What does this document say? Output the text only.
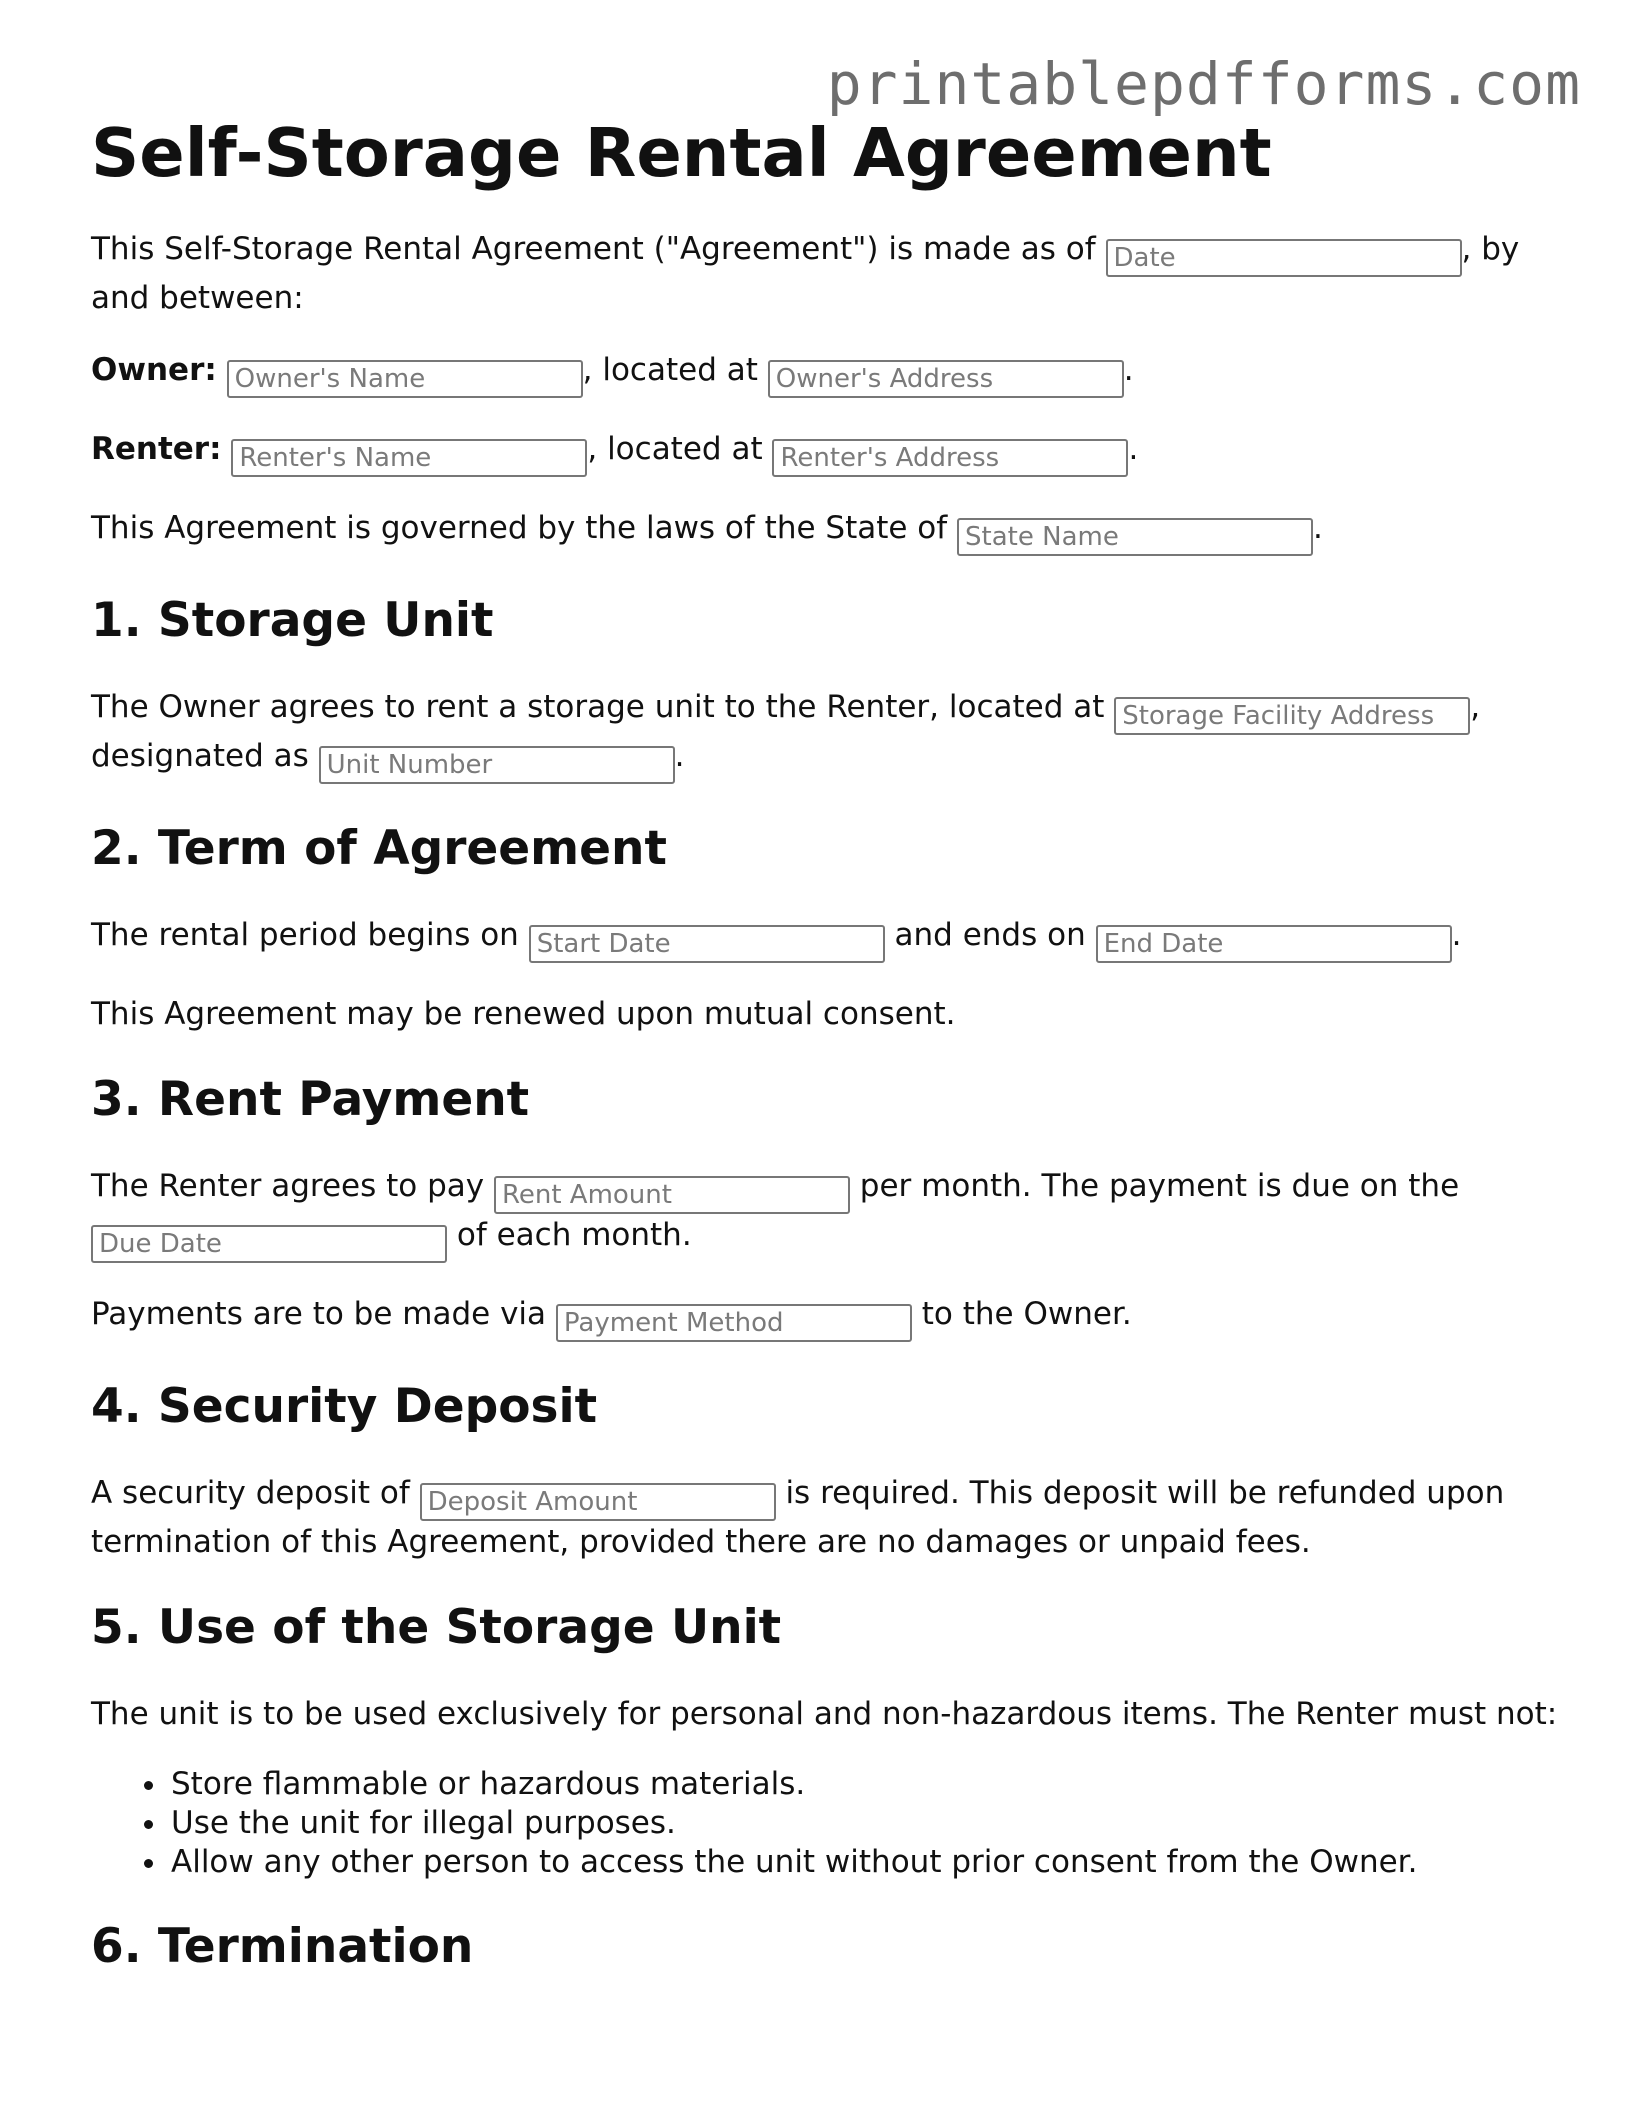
printablepdfforms.com
Self-Storage Rental Agreement

This Self-Storage Rental Agreement ("Agreement") is made as of Date	, by and between:

Owner: Owner's Name	, located at Owner's Address	.

Renter: Renter's Name	, located at Renter's Address	.

This Agreement is governed by the laws of the State of State Name	.

1. Storage Unit

The Owner agrees to rent a storage unit to the Renter, located at Storage Facility Address	, designated as Unit Number	.

2. Term of Agreement

The rental period begins on Start Date	and ends on End Date	.

This Agreement may be renewed upon mutual consent.

3. Rent Payment

The Renter agrees to pay Rent Amount	per month. The payment is due on the Due Date of each month.

Payments are to be made via Payment Method	to the Owner.

4. Security Deposit

A security deposit of Deposit Amount	is required. This deposit will be refunded upon termination of this Agreement, provided there are no damages or unpaid fees.

5. Use of the Storage Unit

The unit is to be used exclusively for personal and non-hazardous items. The Renter must not:

• Store flammable or hazardous materials.
• Use the unit for illegal purposes.
• Allow any other person to access the unit without prior consent from the Owner.
6. Termination
